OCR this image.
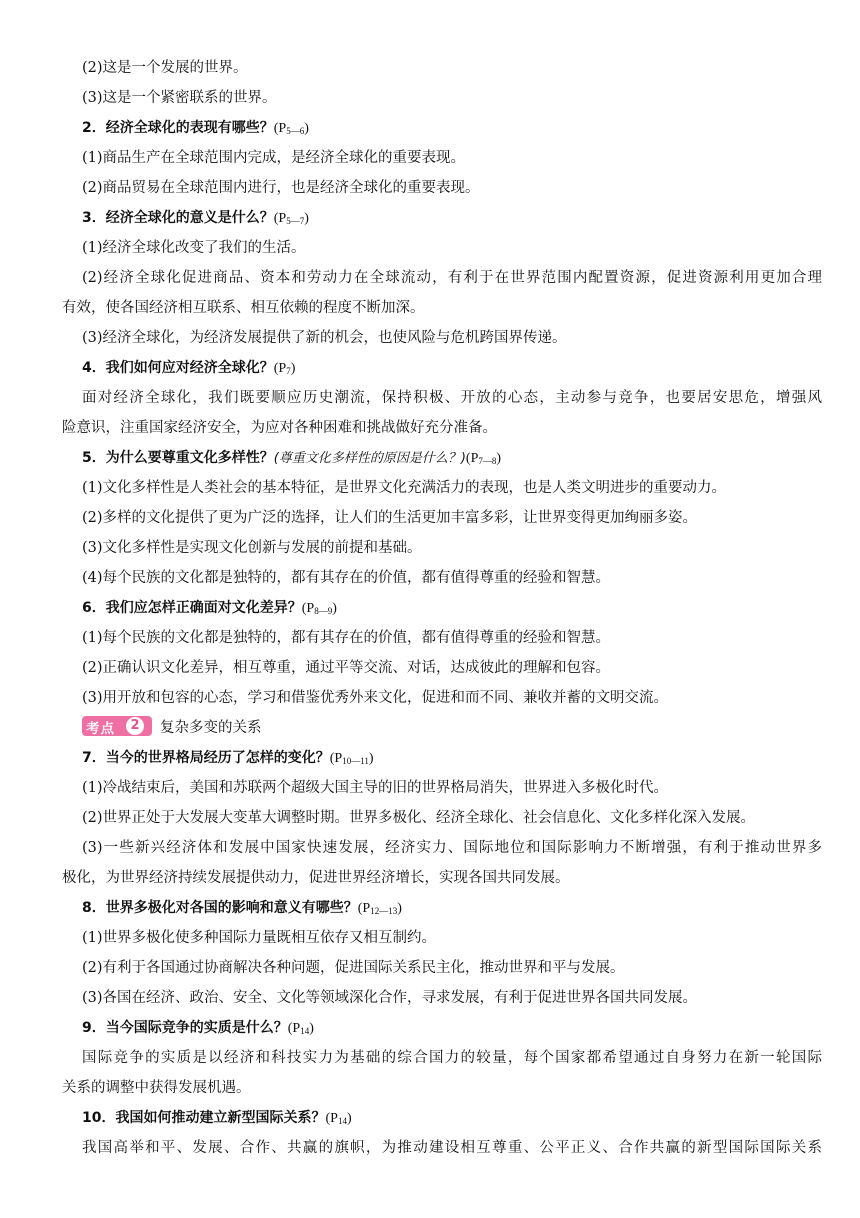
(2)这是一个发展的世界。
(3)这是一个紧密联系的世界。
2．经济全球化的表现有哪些？$(P_{5—6})$
(1)商品生产在全球范围内完成，是经济全球化的重要表现。
(2)商品贸易在全球范围内进行，也是经济全球化的重要表现。
3．经济全球化的意义是什么？$(P_{5—7})$
(1)经济全球化改变了我们的生活。
(2)经济全球化促进商品、资本和劳动力在全球流动，有利于在世界范围内配置资源，促进资源利用更加合理
有效，使各国经济相互联系、相互依赖的程度不断加深。
(3)经济全球化，为经济发展提供了新的机会，也使风险与危机跨国界传递。
4．我们如何应对经济全球化？$(P_7)$
面对经济全球化，我们既要顺应历史潮流，保持积极、开放的心态，主动参与竞争，也要居安思危，增强风
险意识，注重国家经济安全，为应对各种困难和挑战做好充分准备。
5．为什么要尊重文化多样性？(尊重文化多样性的原因是什么？)$(P_{7—8})$
(1)文化多样性是人类社会的基本特征，是世界文化充满活力的表现，也是人类文明进步的重要动力。
(2)多样的文化提供了更为广泛的选择，让人们的生活更加丰富多彩，让世界变得更加绚丽多姿。
(3)文化多样性是实现文化创新与发展的前提和基础。
(4)每个民族的文化都是独特的，都有其存在的价值，都有值得尊重的经验和智慧。
6．我们应怎样正确面对文化差异？$(P_{8—9})$
(1)每个民族的文化都是独特的，都有其存在的价值，都有值得尊重的经验和智慧。
(2)正确认识文化差异，相互尊重，通过平等交流、对话，达成彼此的理解和包容。
(3)用开放和包容的心态，学习和借鉴优秀外来文化，促进和而不同、兼收并蓄的文明交流。
考点	2	复杂多变的关系
7．当今的世界格局经历了怎样的变化？$(P_{10—11})$
(1)冷战结束后，美国和苏联两个超级大国主导的旧的世界格局消失，世界进入多极化时代。
(2)世界正处于大发展大变革大调整时期。世界多极化、经济全球化、社会信息化、文化多样化深入发展。
(3)一些新兴经济体和发展中国家快速发展，经济实力、国际地位和国际影响力不断增强，有利于推动世界多
极化，为世界经济持续发展提供动力，促进世界经济增长，实现各国共同发展。
8．世界多极化对各国的影响和意义有哪些？$(P_{12—13})$
(1)世界多极化使多种国际力量既相互依存又相互制约。
(2)有利于各国通过协商解决各种问题，促进国际关系民主化，推动世界和平与发展。
(3)各国在经济、政治、安全、文化等领域深化合作，寻求发展，有利于促进世界各国共同发展。
9．当今国际竞争的实质是什么？$(P_{14})$
国际竞争的实质是以经济和科技实力为基础的综合国力的较量，每个国家都希望通过自身努力在新一轮国际
关系的调整中获得发展机遇。
10．我国如何推动建立新型国际关系？$(P_{14})$
我国高举和平、发展、合作、共赢的旗帜，为推动建设相互尊重、公平正义、合作共赢的新型国际国际关系
